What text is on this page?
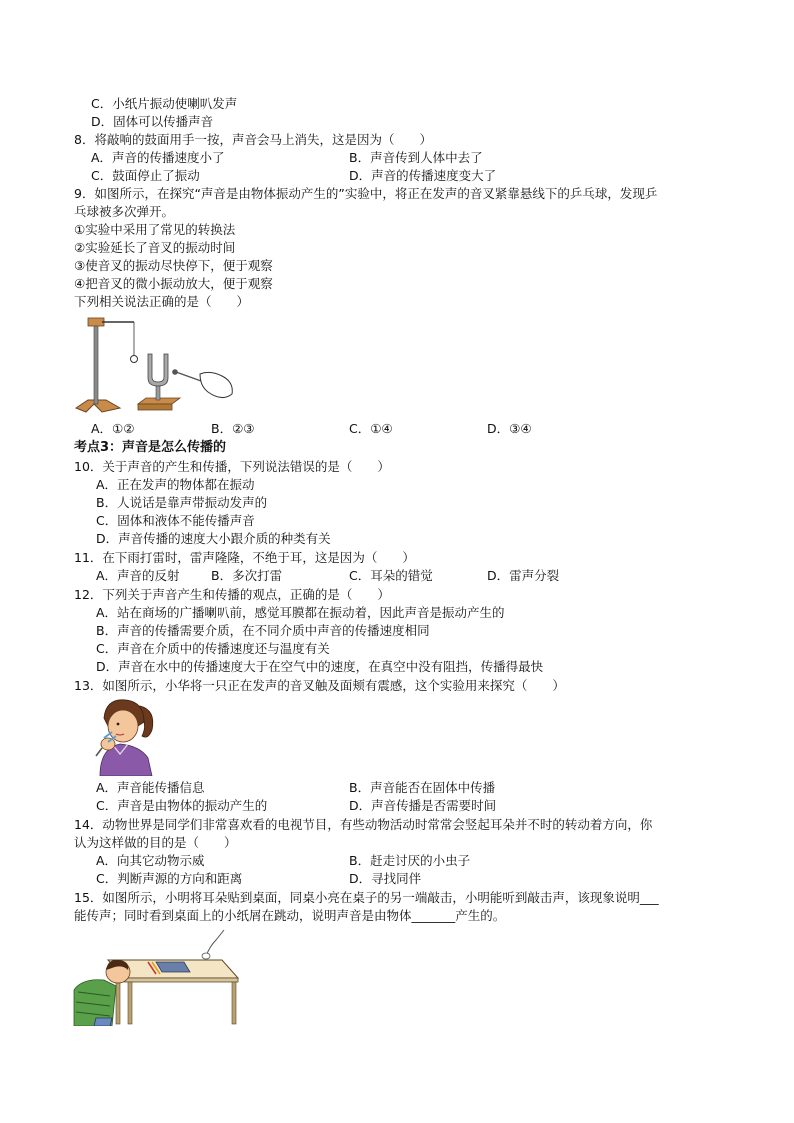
C．小纸片振动使喇叭发声
D．固体可以传播声音
8．将敲响的鼓面用手一按，声音会马上消失，这是因为（　　）
A．声音的传播速度小了	B．声音传到人体中去了
C．鼓面停止了振动	D．声音的传播速度变大了
9．如图所示，在探究“声音是由物体振动产生的”实验中，将正在发声的音叉紧靠悬线下的乒乓球，发现乒
乓球被多次弹开。
①实验中采用了常见的转换法
②实验延长了音叉的振动时间
③使音叉的振动尽快停下，便于观察
④把音叉的微小振动放大，便于观察
下列相关说法正确的是（　　）
A．①②	B．②③	C．①④	D．③④
考点3：声音是怎么传播的
10．关于声音的产生和传播，下列说法错误的是（　　）
A．正在发声的物体都在振动
B．人说话是靠声带振动发声的
C．固体和液体不能传播声音
D．声音传播的速度大小跟介质的种类有关
11．在下雨打雷时，雷声隆隆，不绝于耳，这是因为（　　）
A．声音的反射	B．多次打雷	C．耳朵的错觉	D．雷声分裂
12．下列关于声音产生和传播的观点，正确的是（　　）
A．站在商场的广播喇叭前，感觉耳膜都在振动着，因此声音是振动产生的
B．声音的传播需要介质，在不同介质中声音的传播速度相同
C．声音在介质中的传播速度还与温度有关
D．声音在水中的传播速度大于在空气中的速度，在真空中没有阻挡，传播得最快
13．如图所示，小华将一只正在发声的音叉触及面颊有震感，这个实验用来探究（　　）
A．声音能传播信息	B．声音能否在固体中传播
C．声音是由物体的振动产生的	D．声音传播是否需要时间
14．动物世界是同学们非常喜欢看的电视节目，有些动物活动时常常会竖起耳朵并不时的转动着方向，你
认为这样做的目的是（　　）
A．向其它动物示威	B．赶走讨厌的小虫子
C．判断声源的方向和距离	D．寻找同伴
15．如图所示，小明将耳朵贴到桌面，同桌小亮在桌子的另一端敲击，小明能听到敲击声，该现象说明___
能传声；同时看到桌面上的小纸屑在跳动，说明声音是由物体_______产生的。
